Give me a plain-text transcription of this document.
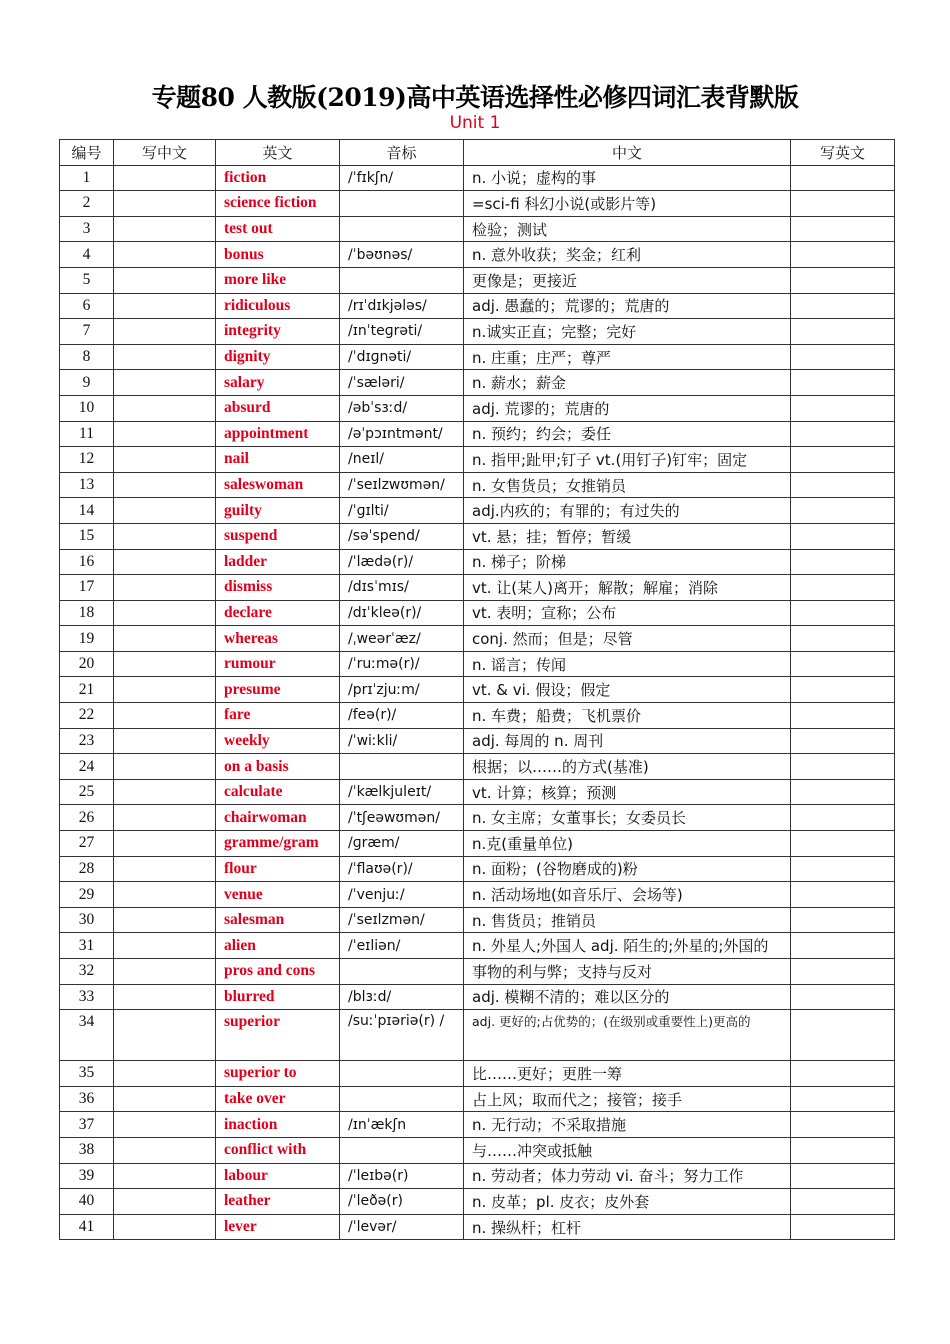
专题80 人教版(2019)高中英语选择性必修四词汇表背默版
Unit 1
编号	写中文	英文	音标	中文	写英文
1		fiction	/ˈfɪkʃn/	n. 小说；虚构的事	
2		science fiction		=sci-fi 科幻小说(或影片等)	
3		test out		检验；测试	
4		bonus	/ˈbəʊnəs/	n. 意外收获；奖金；红利	
5		more like		更像是；更接近	
6		ridiculous	/rɪˈdɪkjələs/	adj. 愚蠢的；荒谬的；荒唐的	
7		integrity	/ɪnˈteɡrəti/	n.诚实正直；完整；完好	
8		dignity	/ˈdɪɡnəti/	n. 庄重；庄严；尊严	
9		salary	/ˈsæləri/	n. 薪水；薪金	
10		absurd	/əbˈsɜːd/	adj. 荒谬的；荒唐的	
11		appointment	/əˈpɔɪntmənt/	n. 预约；约会；委任	
12		nail	/neɪl/	n. 指甲;趾甲;钉子 vt.(用钉子)钉牢；固定	
13		saleswoman	/ˈseɪlzwʊmən/	n. 女售货员；女推销员	
14		guilty	/ˈɡɪlti/	adj.内疚的；有罪的；有过失的	
15		suspend	/səˈspend/	vt. 悬；挂；暂停；暂缓	
16		ladder	/ˈlædə(r)/	n. 梯子；阶梯	
17		dismiss	/dɪsˈmɪs/	vt. 让(某人)离开；解散；解雇；消除	
18		declare	/dɪˈkleə(r)/	vt. 表明；宣称；公布	
19		whereas	/ˌweərˈæz/	conj. 然而；但是；尽管	
20		rumour	/ˈruːmə(r)/	n. 谣言；传闻	
21		presume	/prɪˈzjuːm/	vt. & vi. 假设；假定	
22		fare	/feə(r)/	n. 车费；船费；飞机票价	
23		weekly	/ˈwiːkli/	adj. 每周的 n. 周刊	
24		on a basis		根据；以……的方式(基准)	
25		calculate	/ˈkælkjuleɪt/	vt. 计算；核算；预测	
26		chairwoman	/ˈtʃeəwʊmən/	n. 女主席；女董事长；女委员长	
27		gramme/gram	/ɡræm/	n.克(重量单位)	
28		flour	/ˈflaʊə(r)/	n. 面粉；(谷物磨成的)粉	
29		venue	/ˈvenjuː/	n. 活动场地(如音乐厅、会场等)	
30		salesman	/ˈseɪlzmən/	n. 售货员；推销员	
31		alien	/ˈeɪliən/	n. 外星人;外国人 adj. 陌生的;外星的;外国的	
32		pros and cons		事物的利与弊；支持与反对	
33		blurred	/blɜːd/	adj. 模糊不清的；难以区分的	
34		superior	/suːˈpɪəriə(r) /	adj. 更好的;占优势的；(在级别或重要性上)更高的	
35		superior to		比……更好；更胜一筹	
36		take over		占上风；取而代之；接管；接手	
37		inaction	/ɪnˈækʃn	n. 无行动；不采取措施	
38		conflict with		与……冲突或抵触	
39		labour	/ˈleɪbə(r)	n. 劳动者；体力劳动 vi. 奋斗；努力工作	
40		leather	/ˈleðə(r)	n. 皮革；pl. 皮衣；皮外套	
41		lever	/ˈlevər/	n. 操纵杆；杠杆	
